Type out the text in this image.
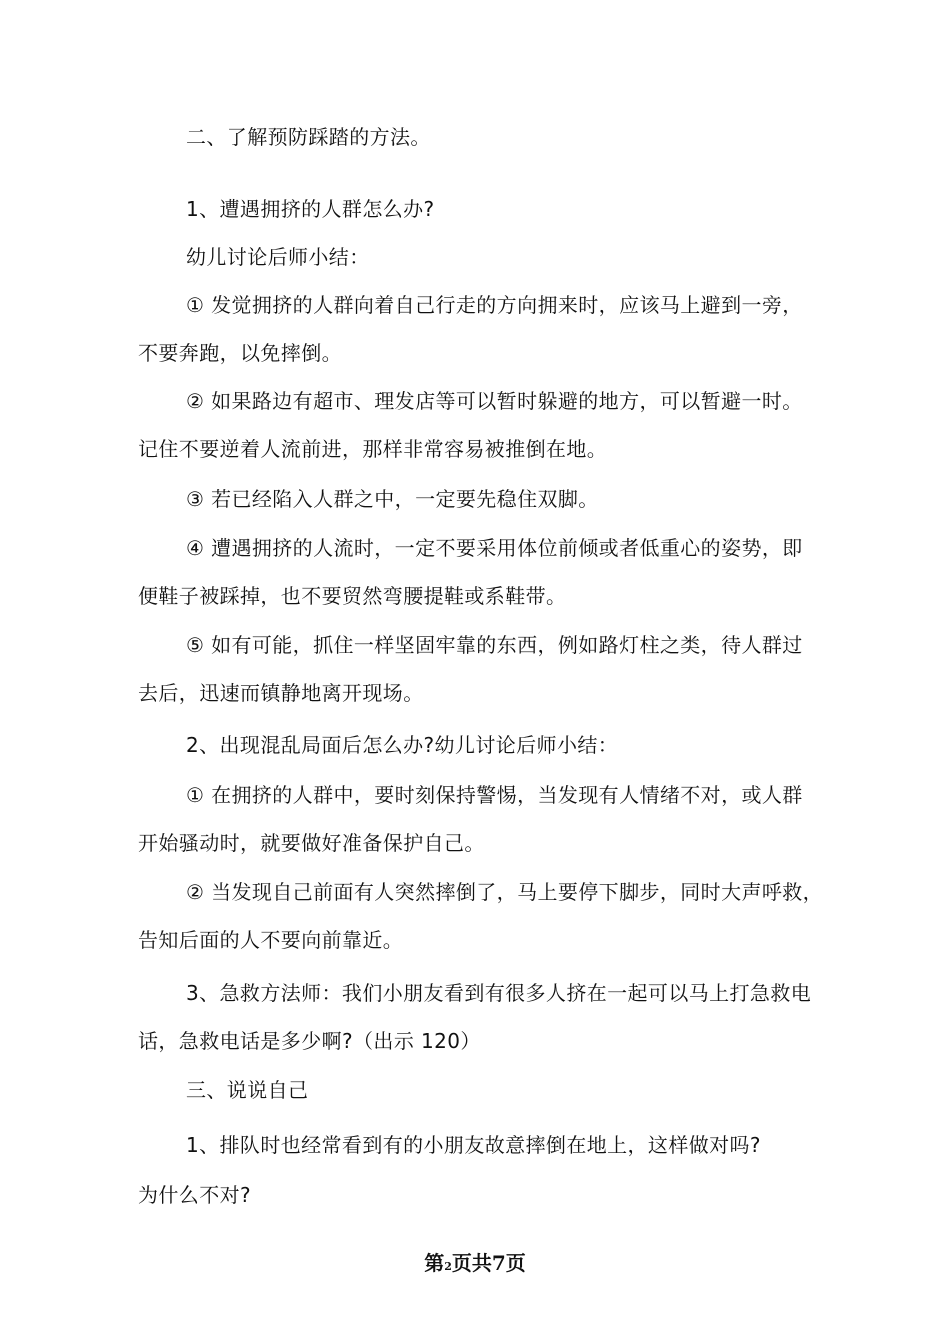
二、了解预防踩踏的方法。
1、遭遇拥挤的人群怎么办?
幼儿讨论后师小结：
① 发觉拥挤的人群向着自己行走的方向拥来时，应该马上避到一旁，
不要奔跑，以免摔倒。
② 如果路边有超市、理发店等可以暂时躲避的地方，可以暂避一时。
记住不要逆着人流前进，那样非常容易被推倒在地。
③ 若已经陷入人群之中，一定要先稳住双脚。
④ 遭遇拥挤的人流时，一定不要采用体位前倾或者低重心的姿势，即
便鞋子被踩掉，也不要贸然弯腰提鞋或系鞋带。
⑤ 如有可能，抓住一样坚固牢靠的东西，例如路灯柱之类，待人群过
去后，迅速而镇静地离开现场。
2、出现混乱局面后怎么办?幼儿讨论后师小结：
① 在拥挤的人群中，要时刻保持警惕，当发现有人情绪不对，或人群
开始骚动时，就要做好准备保护自己。
② 当发现自己前面有人突然摔倒了，马上要停下脚步，同时大声呼救，
告知后面的人不要向前靠近。
3、急救方法师：我们小朋友看到有很多人挤在一起可以马上打急救电
话，急救电话是多少啊?（出示 120）
三、说说自己
1、排队时也经常看到有的小朋友故意摔倒在地上，这样做对吗?
为什么不对?
第2页共7页
